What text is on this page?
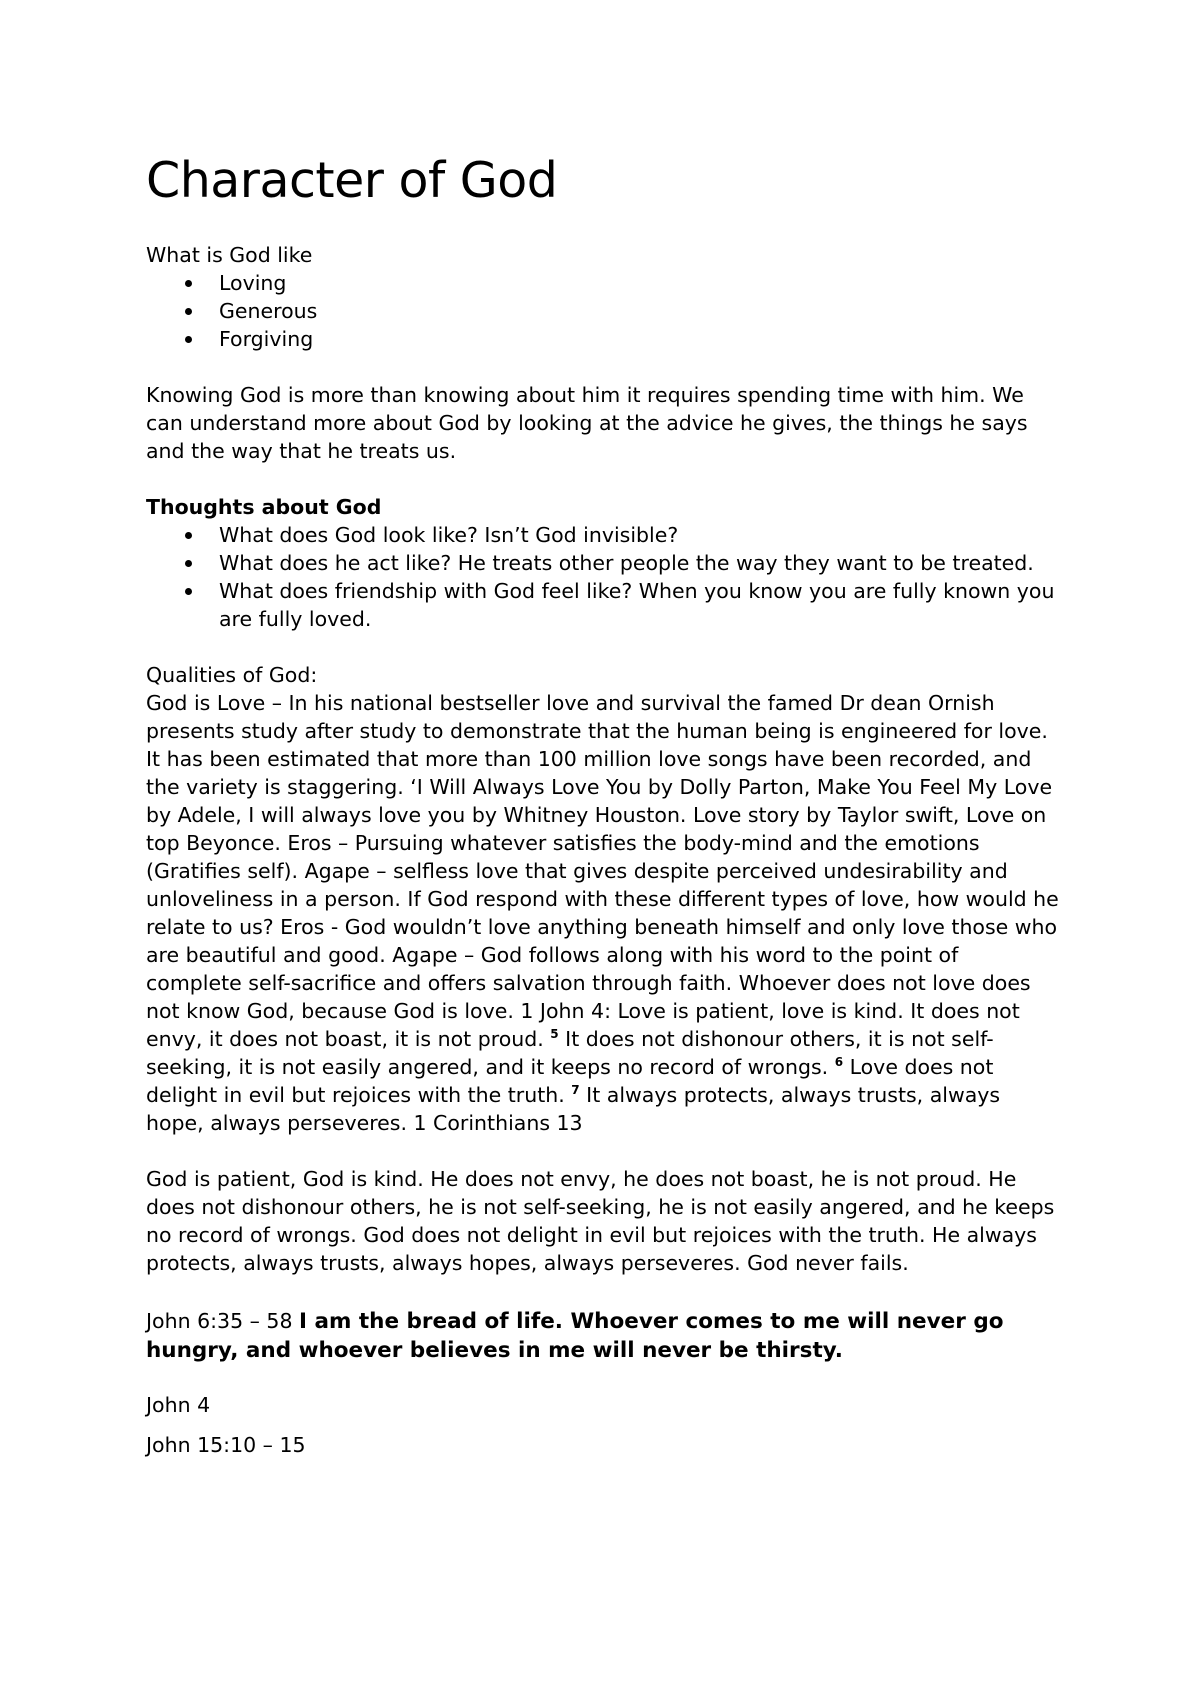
Character of God

What is God like

Loving
Generous
Forgiving

Knowing God is more than knowing about him it requires spending time with him. We can understand more about God by looking at the advice he gives, the things he says and the way that he treats us.

Thoughts about God

What does God look like? Isn’t God invisible?
What does he act like? He treats other people the way they want to be treated.
What does friendship with God feel like? When you know you are fully known you are fully loved.

Qualities of God:

God is Love – In his national bestseller love and survival the famed Dr dean Ornish presents study after study to demonstrate that the human being is engineered for love. It has been estimated that more than 100 million love songs have been recorded, and the variety is staggering. ‘I Will Always Love You by Dolly Parton, Make You Feel My Love by Adele, I will always love you by Whitney Houston. Love story by Taylor swift, Love on top Beyonce. Eros – Pursuing whatever satisfies the body-mind and the emotions (Gratifies self). Agape – selfless love that gives despite perceived undesirability and unloveliness in a person. If God respond with these different types of love, how would he relate to us? Eros - God wouldn’t love anything beneath himself and only love those who are beautiful and good. Agape – God follows along with his word to the point of complete self-sacrifice and offers salvation through faith. Whoever does not love does not know God, because God is love. 1 John 4: Love is patient, love is kind. It does not envy, it does not boast, it is not proud. $^5$ It does not dishonour others, it is not self-seeking, it is not easily angered, and it keeps no record of wrongs. $^6$ Love does not delight in evil but rejoices with the truth. $^7$ It always protects, always trusts, always hope, always perseveres. 1 Corinthians 13

God is patient, God is kind. He does not envy, he does not boast, he is not proud. He does not dishonour others, he is not self-seeking, he is not easily angered, and he keeps no record of wrongs. God does not delight in evil but rejoices with the truth. He always protects, always trusts, always hopes, always perseveres. God never fails.

John 6:35 – 58 I am the bread of life. Whoever comes to me will never go hungry, and whoever believes in me will never be thirsty.

John 4

John 15:10 – 15
